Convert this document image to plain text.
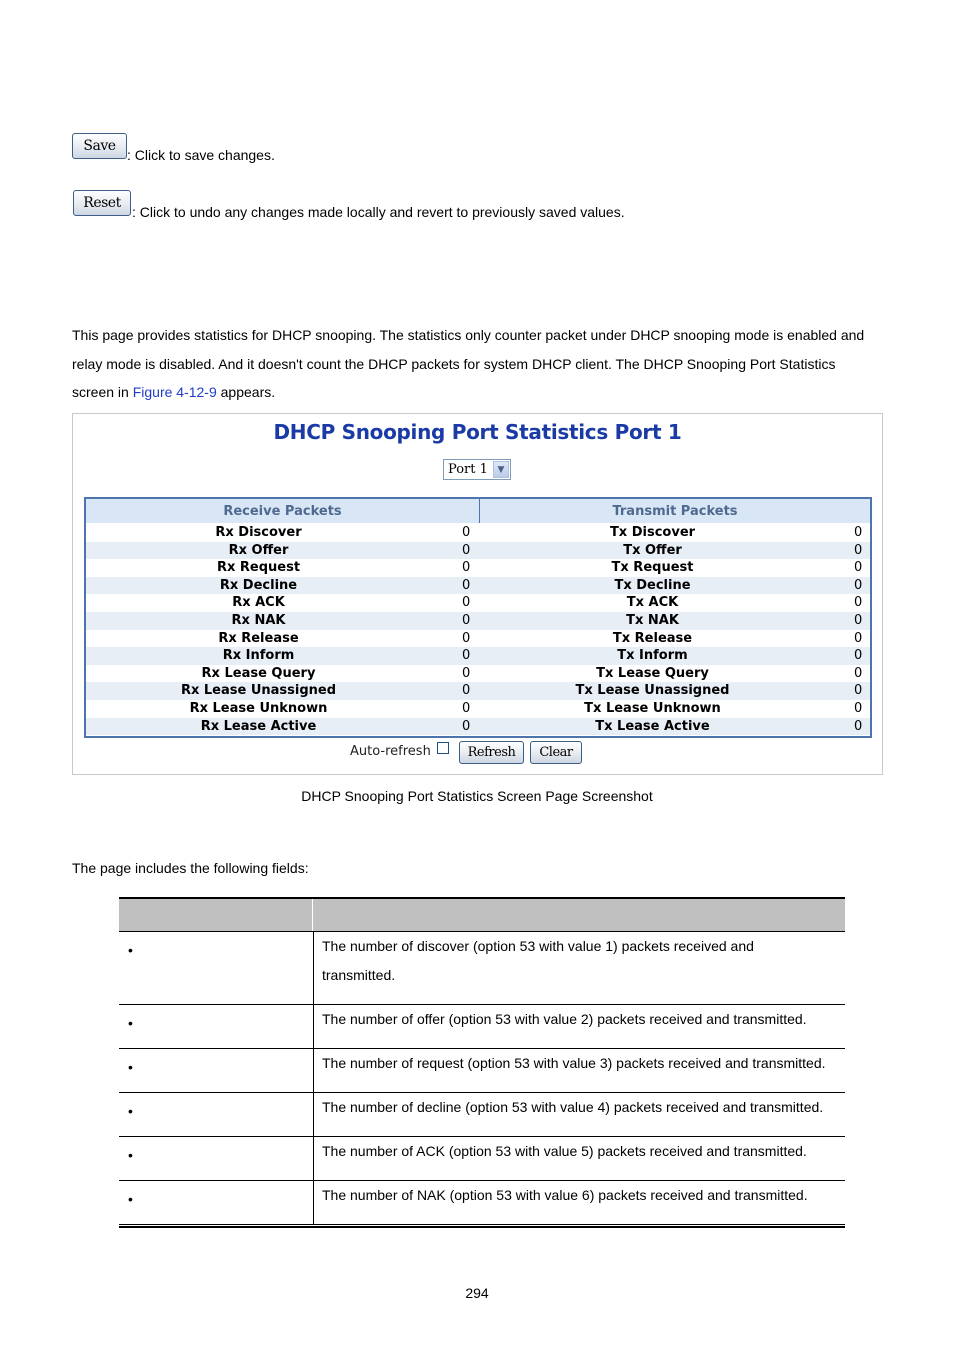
Save
: Click to save changes.
Reset
: Click to undo any changes made locally and revert to previously saved values.
This page provides statistics for DHCP snooping. The statistics only counter packet under DHCP snooping mode is enabled and
relay mode is disabled. And it doesn't count the DHCP packets for system DHCP client. The DHCP Snooping Port Statistics
screen in Figure 4-12-9 appears.
DHCP Snooping Port Statistics Port 1
Port 1	▼
Receive Packets	Transmit Packets
Rx Discover	0	Tx Discover	0
Rx Offer	0	Tx Offer	0
Rx Request	0	Tx Request	0
Rx Decline	0	Tx Decline	0
Rx ACK	0	Tx ACK	0
Rx NAK	0	Tx NAK	0
Rx Release	0	Tx Release	0
Rx Inform	0	Tx Inform	0
Rx Lease Query	0	Tx Lease Query	0
Rx Lease Unassigned	0	Tx Lease Unassigned	0
Rx Lease Unknown	0	Tx Lease Unknown	0
Rx Lease Active	0	Tx Lease Active	0
Auto-refresh	Refresh	Clear
DHCP Snooping Port Statistics Screen Page Screenshot
The page includes the following fields:
•	The number of discover (option 53 with value 1) packets received and
transmitted.
•	The number of offer (option 53 with value 2) packets received and transmitted.
•	The number of request (option 53 with value 3) packets received and transmitted.
•	The number of decline (option 53 with value 4) packets received and transmitted.
•	The number of ACK (option 53 with value 5) packets received and transmitted.
•	The number of NAK (option 53 with value 6) packets received and transmitted.
294
